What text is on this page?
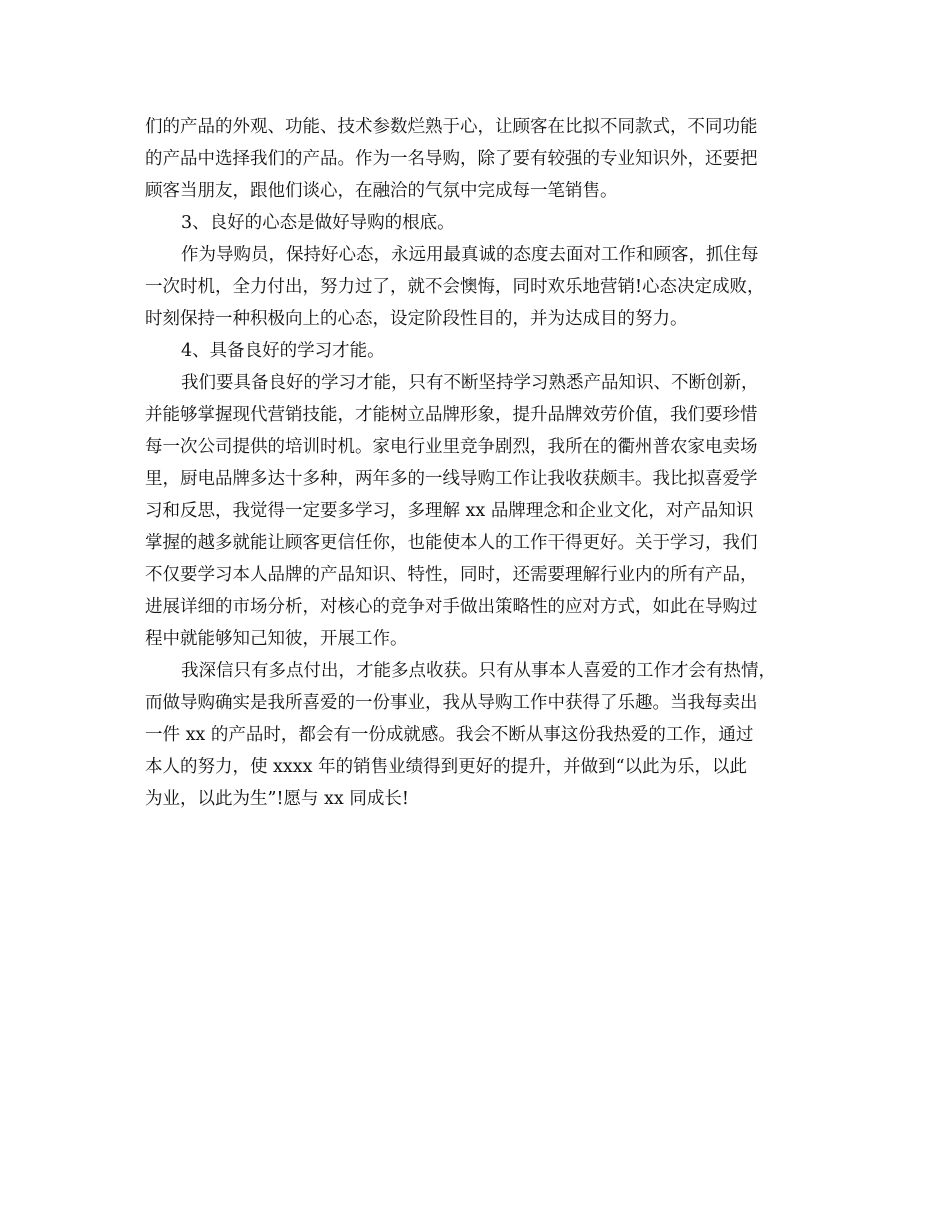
们的产品的外观、功能、技术参数烂熟于心，让顾客在比拟不同款式，不同功能
的产品中选择我们的产品。作为一名导购，除了要有较强的专业知识外，还要把
顾客当朋友，跟他们谈心，在融洽的气氛中完成每一笔销售。
3、良好的心态是做好导购的根底。
作为导购员，保持好心态，永远用最真诚的态度去面对工作和顾客，抓住每
一次时机，全力付出，努力过了，就不会懊悔，同时欢乐地营销!心态决定成败，
时刻保持一种积极向上的心态，设定阶段性目的，并为达成目的努力。
4、具备良好的学习才能。
我们要具备良好的学习才能，只有不断坚持学习熟悉产品知识、不断创新，
并能够掌握现代营销技能，才能树立品牌形象，提升品牌效劳价值，我们要珍惜
每一次公司提供的培训时机。家电行业里竞争剧烈，我所在的衢州普农家电卖场
里，厨电品牌多达十多种，两年多的一线导购工作让我收获颇丰。我比拟喜爱学
习和反思，我觉得一定要多学习，多理解 xx 品牌理念和企业文化，对产品知识
掌握的越多就能让顾客更信任你，也能使本人的工作干得更好。关于学习，我们
不仅要学习本人品牌的产品知识、特性，同时，还需要理解行业内的所有产品，
进展详细的市场分析，对核心的竞争对手做出策略性的应对方式，如此在导购过
程中就能够知己知彼，开展工作。
我深信只有多点付出，才能多点收获。只有从事本人喜爱的工作才会有热情，
而做导购确实是我所喜爱的一份事业，我从导购工作中获得了乐趣。当我每卖出
一件 xx 的产品时，都会有一份成就感。我会不断从事这份我热爱的工作，通过
本人的努力，使 xxxx 年的销售业绩得到更好的提升，并做到“以此为乐，以此
为业，以此为生”!愿与 xx 同成长!
